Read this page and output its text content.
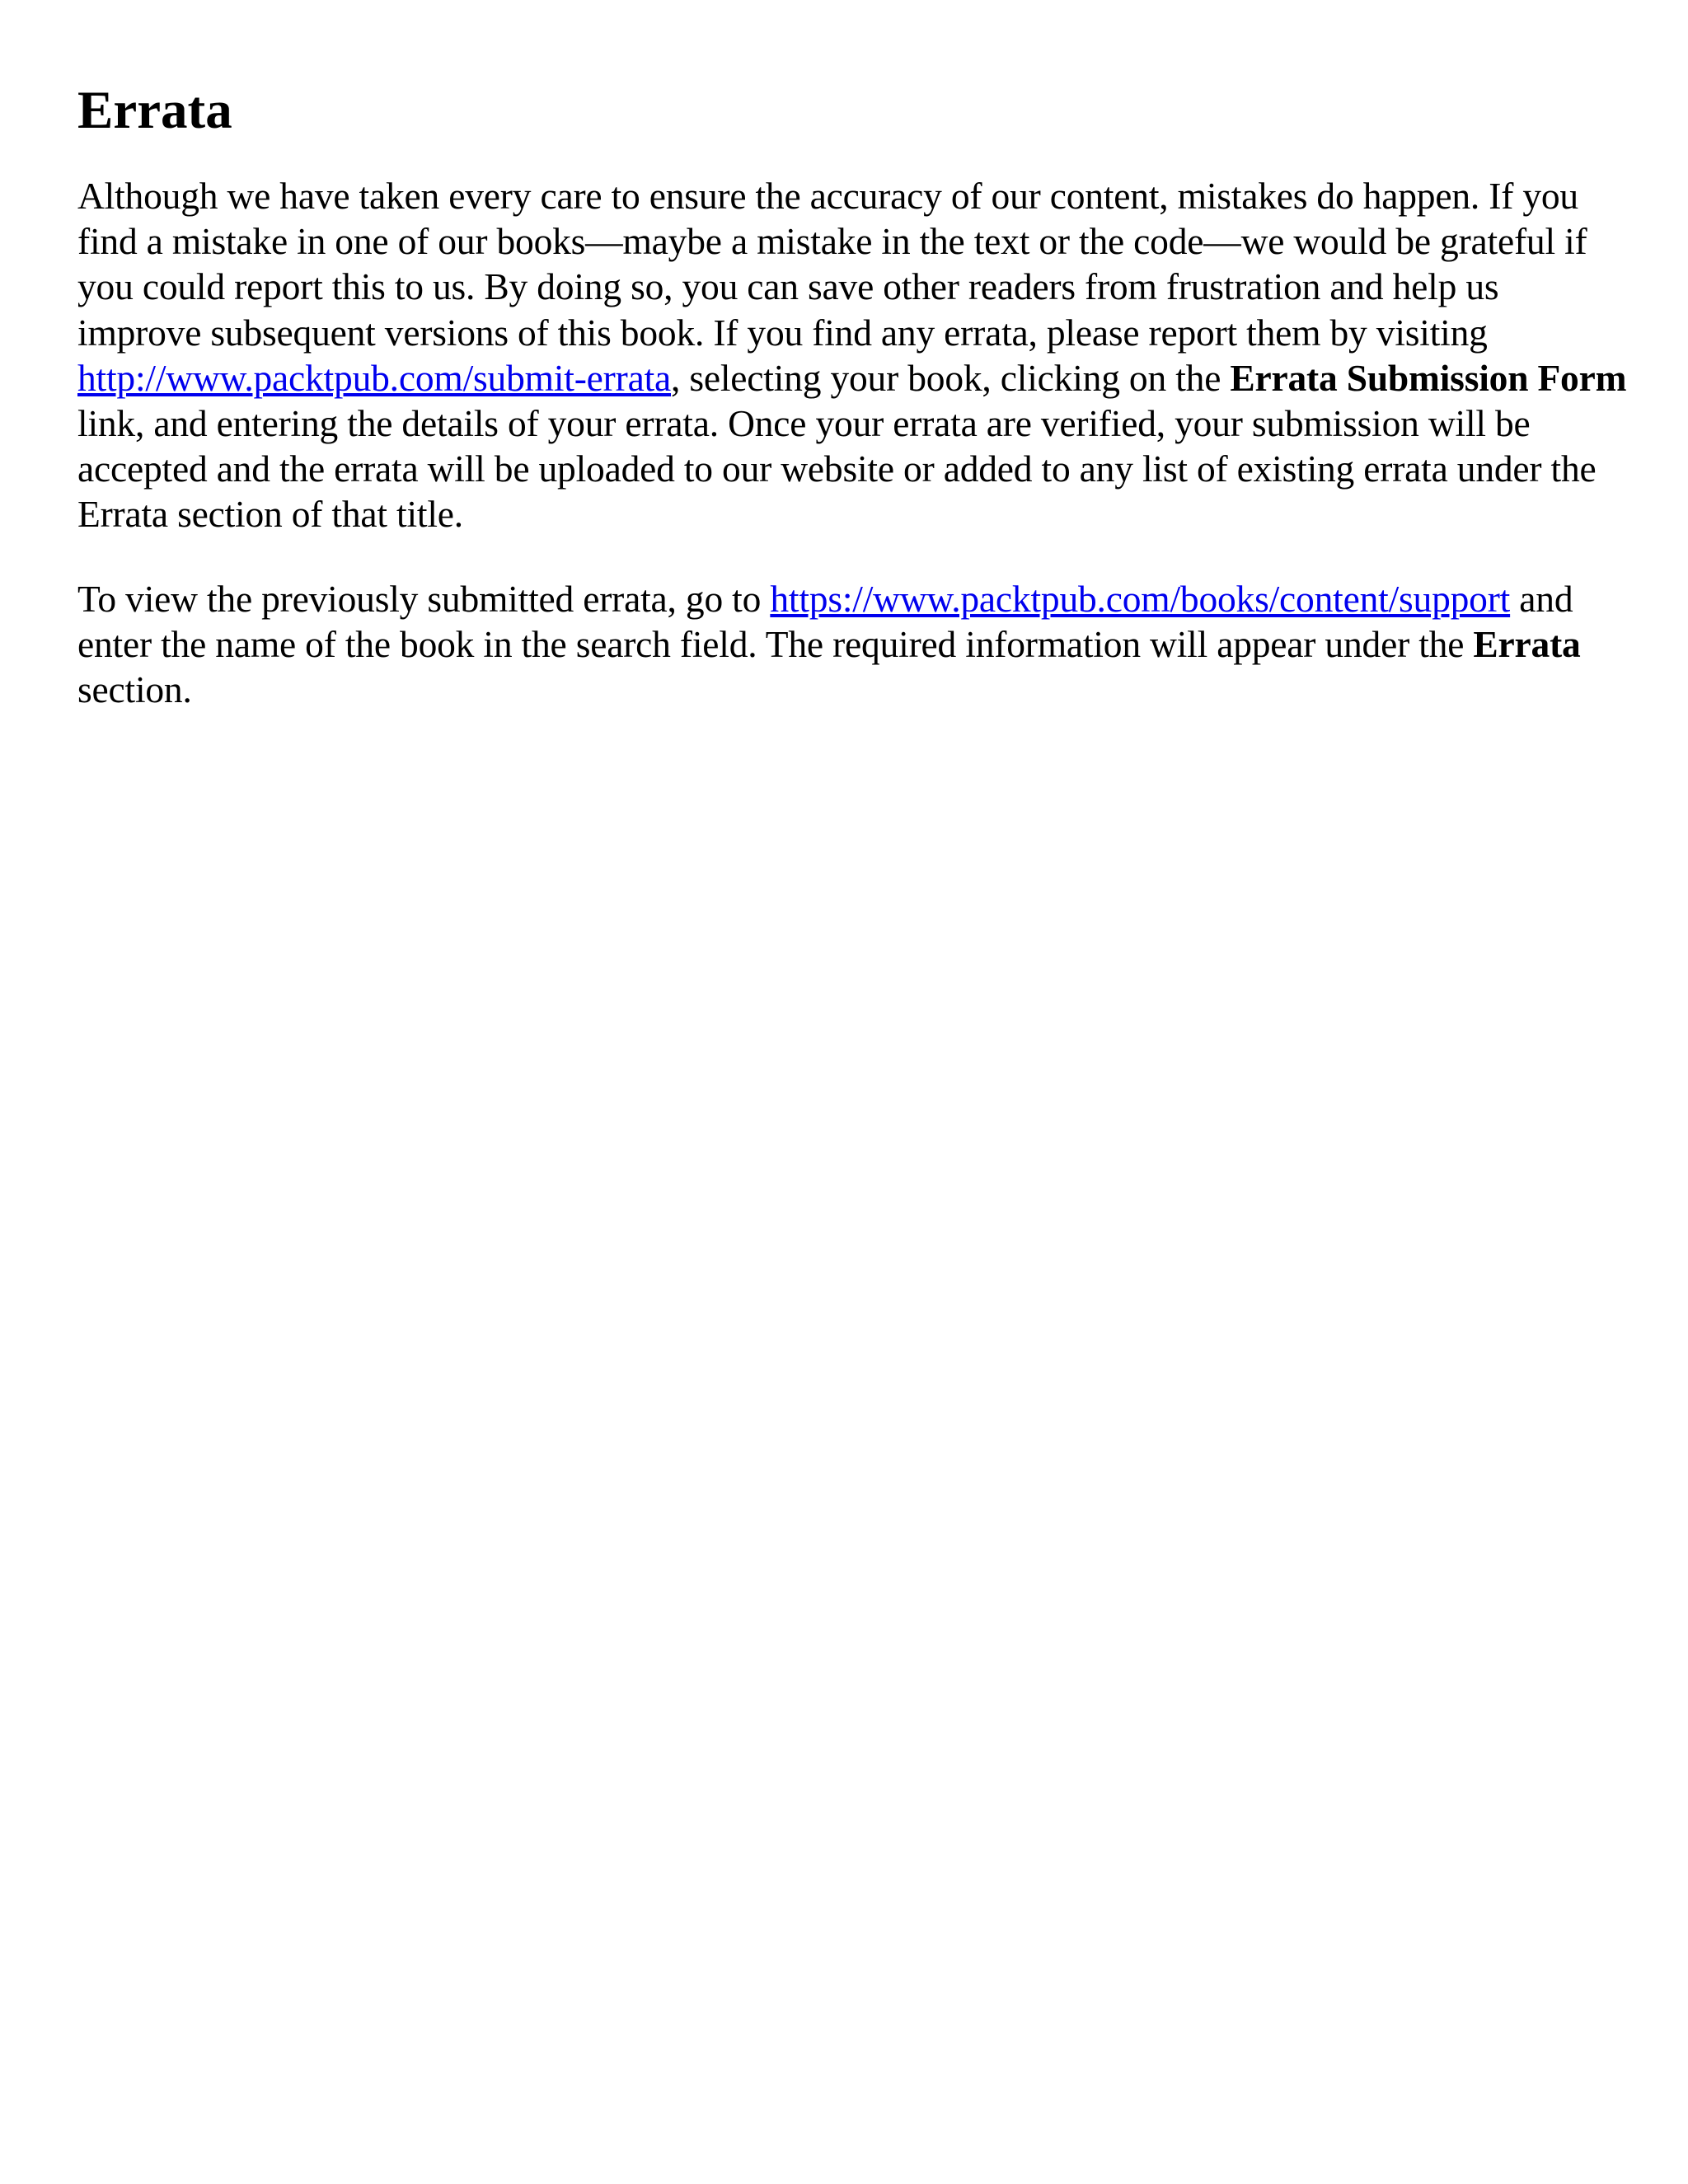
Errata

Although we have taken every care to ensure the accuracy of our content, mistakes do happen. If you find a mistake in one of our books—maybe a mistake in the text or the code—we would be grateful if you could report this to us. By doing so, you can save other readers from frustration and help us improve subsequent versions of this book. If you find any errata, please report them by visiting http://www.packtpub.com/submit-errata, selecting your book, clicking on the Errata Submission Form link, and entering the details of your errata. Once your errata are verified, your submission will be accepted and the errata will be uploaded to our website or added to any list of existing errata under the Errata section of that title.

To view the previously submitted errata, go to https://www.packtpub.com/books/content/support and enter the name of the book in the search field. The required information will appear under the Errata section.
